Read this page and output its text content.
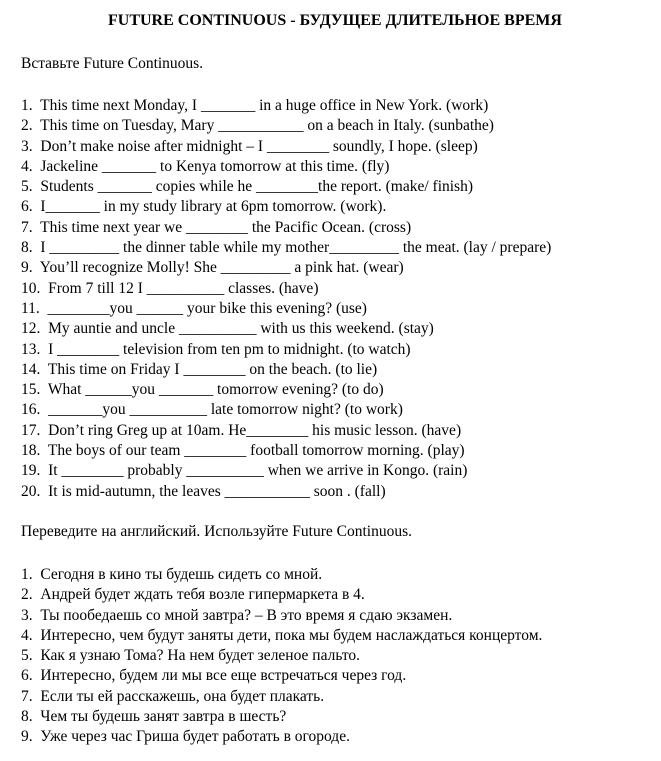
FUTURE CONTINUOUS - БУДУЩЕЕ ДЛИТЕЛЬНОЕ ВРЕМЯ
Вставьте Future Continuous.
1.  This time next Monday, I _______ in a huge office in New York. (work)
2.  This time on Tuesday, Mary ___________ on a beach in Italy. (sunbathe)
3.  Don’t make noise after midnight – I ________ soundly, I hope. (sleep)
4.  Jackeline _______ to Kenya tomorrow at this time. (fly)
5.  Students _______ copies while he ________the report. (make/ finish)
6.  I_______ in my study library at 6pm tomorrow. (work).
7.  This time next year we ________ the Pacific Ocean. (cross)
8.  I _________ the dinner table while my mother_________ the meat. (lay / prepare)
9.  You’ll recognize Molly! She _________ a pink hat. (wear)
10.  From 7 till 12 I __________ classes. (have)
11.  ________you ______ your bike this evening? (use)
12.  My auntie and uncle __________ with us this weekend. (stay)
13.  I ________ television from ten pm to midnight. (to watch)
14.  This time on Friday I ________ on the beach. (to lie)
15.  What ______you _______ tomorrow evening? (to do)
16.  _______you __________ late tomorrow night? (to work)
17.  Don’t ring Greg up at 10am. He________ his music lesson. (have)
18.  The boys of our team ________ football tomorrow morning. (play)
19.  It ________ probably __________ when we arrive in Kongo. (rain)
20.  It is mid-autumn, the leaves ___________ soon . (fall)
Переведите на английский. Используйте Future Continuous.
1.  Сегодня в кино ты будешь сидеть со мной.
2.  Андрей будет ждать тебя возле гипермаркета в 4.
3.  Ты пообедаешь со мной завтра? – В это время я сдаю экзамен.
4.  Интересно, чем будут заняты дети, пока мы будем наслаждаться концертом.
5.  Как я узнаю Тома? На нем будет зеленое пальто.
6.  Интересно, будем ли мы все еще встречаться через год.
7.  Если ты ей расскажешь, она будет плакать.
8.  Чем ты будешь занят завтра в шесть?
9.  Уже через час Гриша будет работать в огороде.
